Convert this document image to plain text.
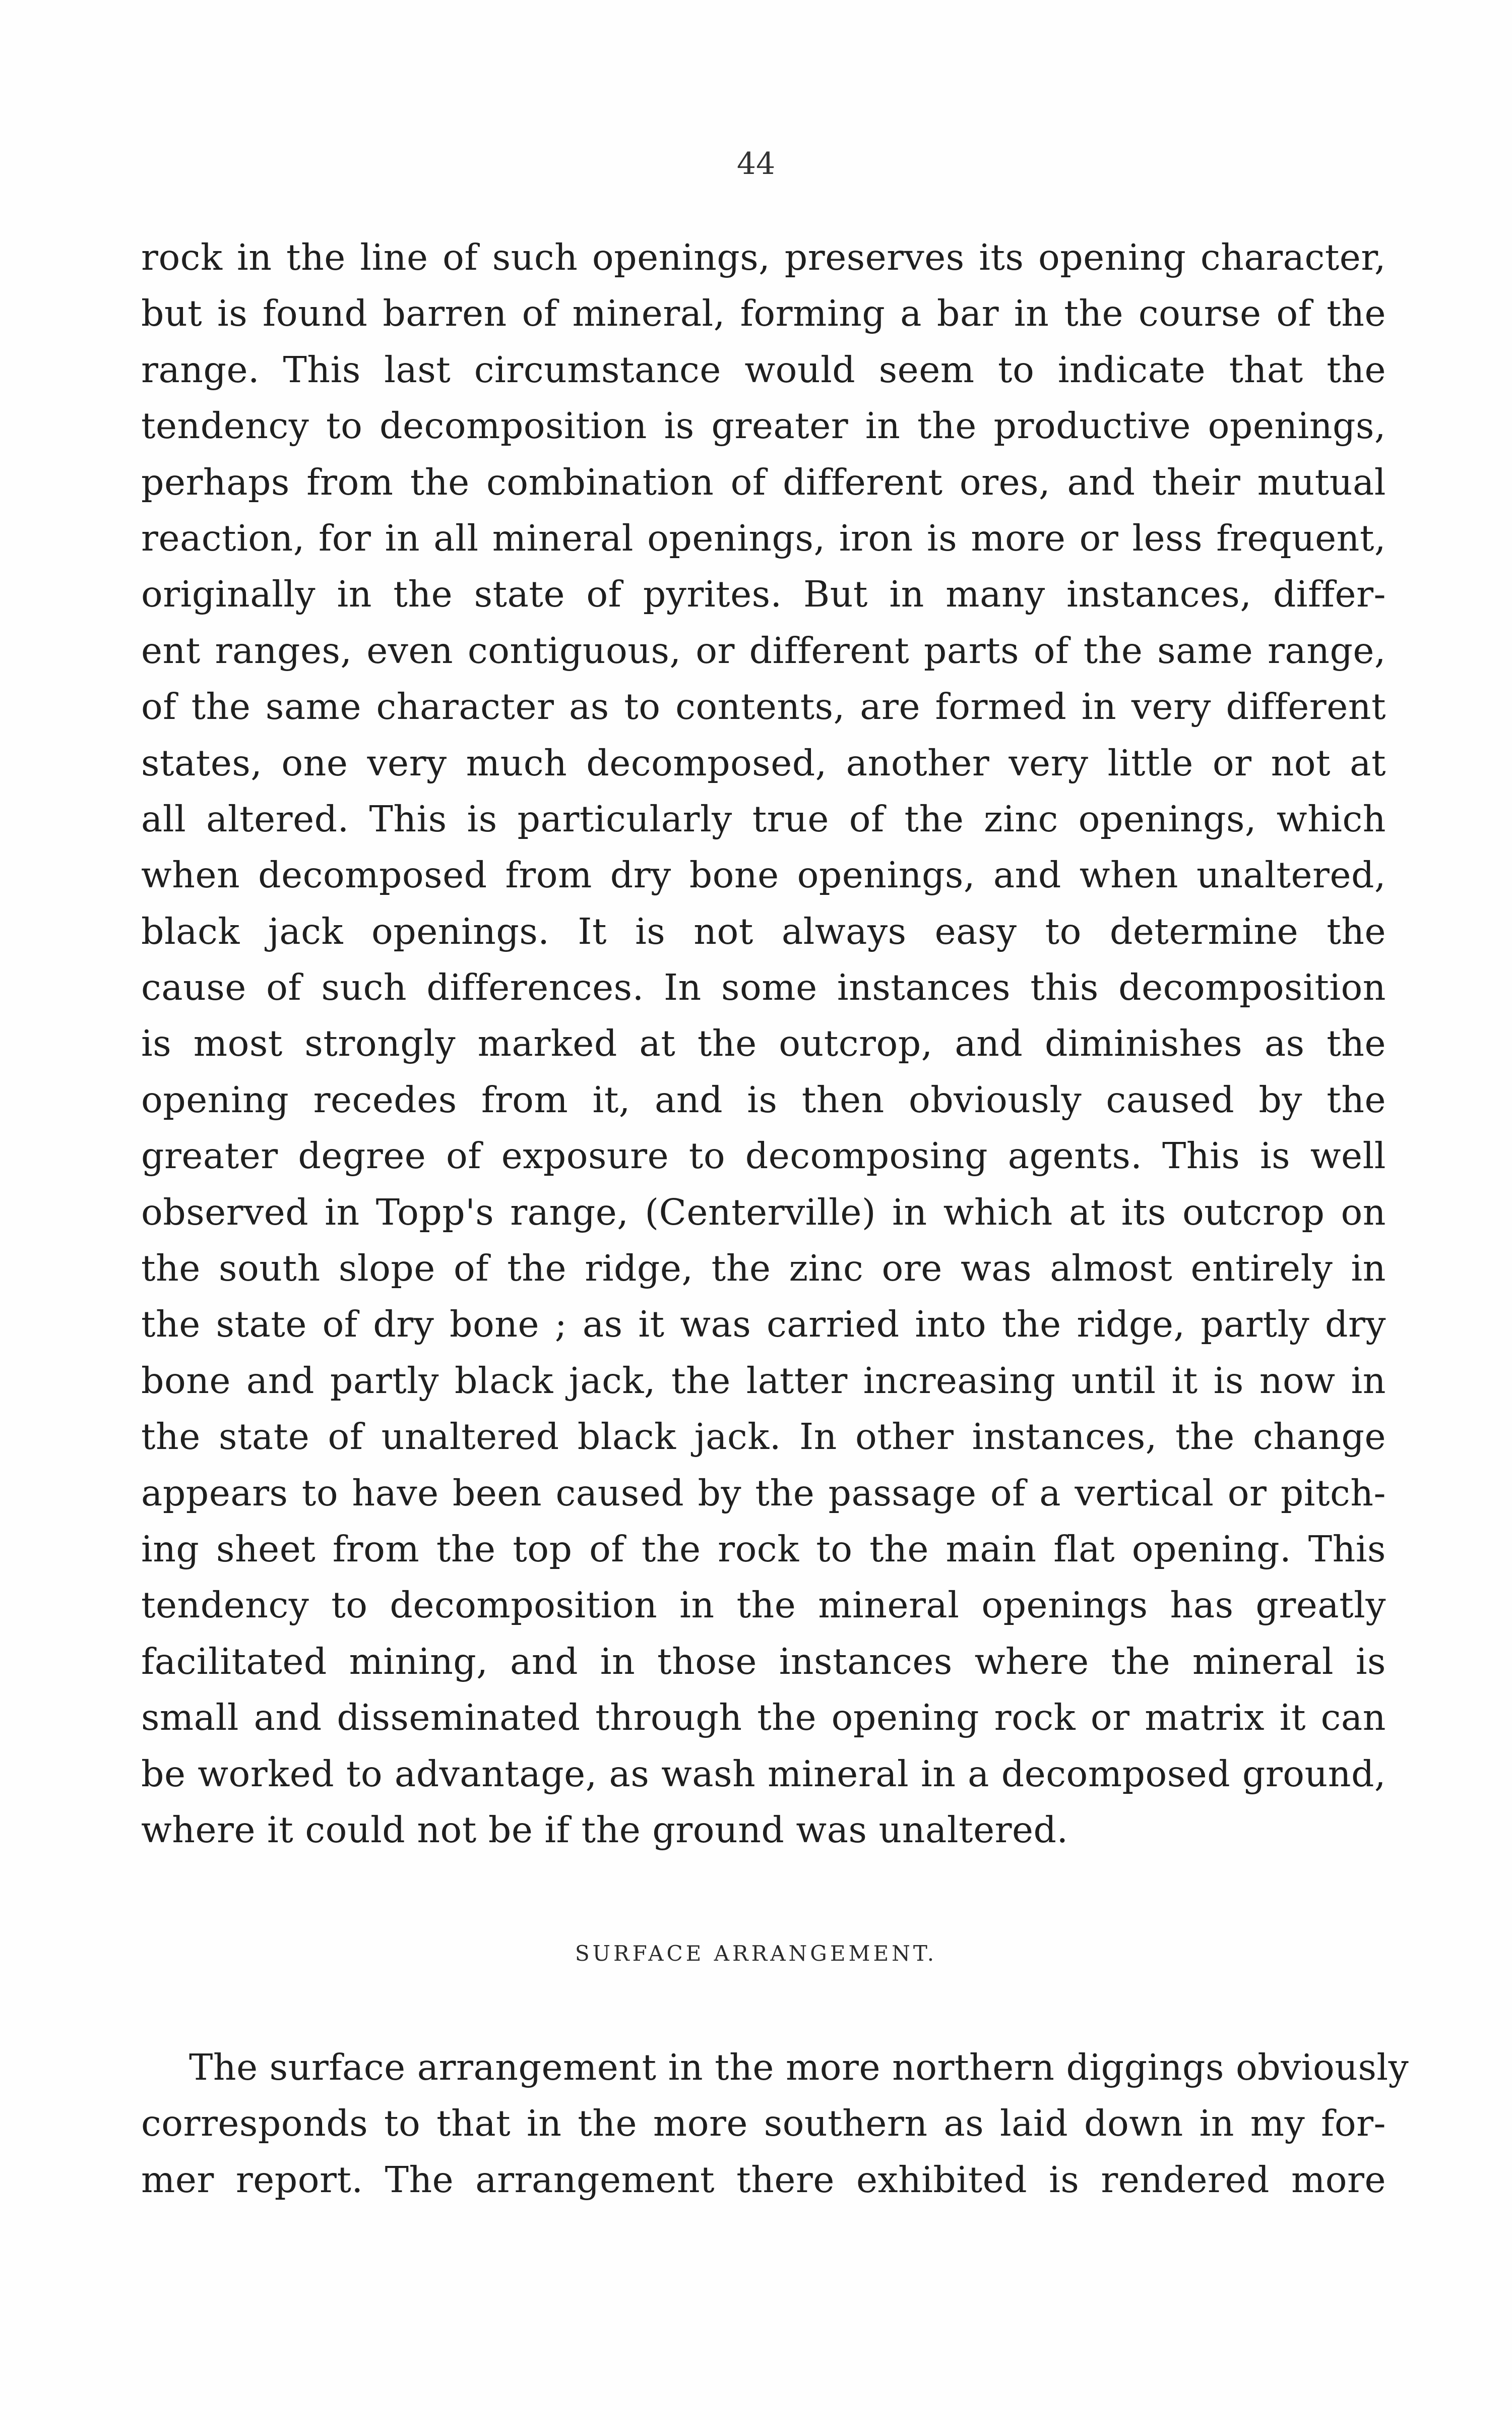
44
rock in the line of such openings, preserves its opening character,
but is found barren of mineral, forming a bar in the course of the
range. This last circumstance would seem to indicate that the
tendency to decomposition is greater in the productive openings,
perhaps from the combination of different ores, and their mutual
reaction, for in all mineral openings, iron is more or less frequent,
originally in the state of pyrites. But in many instances, differ-
ent ranges, even contiguous, or different parts of the same range,
of the same character as to contents, are formed in very different
states, one very much decomposed, another very little or not at
all altered. This is particularly true of the zinc openings, which
when decomposed from dry bone openings, and when unaltered,
black jack openings. It is not always easy to determine the
cause of such differences. In some instances this decomposition
is most strongly marked at the outcrop, and diminishes as the
opening recedes from it, and is then obviously caused by the
greater degree of exposure to decomposing agents. This is well
observed in Topp's range, (Centerville) in which at its outcrop on
the south slope of the ridge, the zinc ore was almost entirely in
the state of dry bone ; as it was carried into the ridge, partly dry
bone and partly black jack, the latter increasing until it is now in
the state of unaltered black jack. In other instances, the change
appears to have been caused by the passage of a vertical or pitch-
ing sheet from the top of the rock to the main flat opening. This
tendency to decomposition in the mineral openings has greatly
facilitated mining, and in those instances where the mineral is
small and disseminated through the opening rock or matrix it can
be worked to advantage, as wash mineral in a decomposed ground,
where it could not be if the ground was unaltered.
SURFACE ARRANGEMENT.
The surface arrangement in the more northern diggings obviously
corresponds to that in the more southern as laid down in my for-
mer report. The arrangement there exhibited is rendered more
